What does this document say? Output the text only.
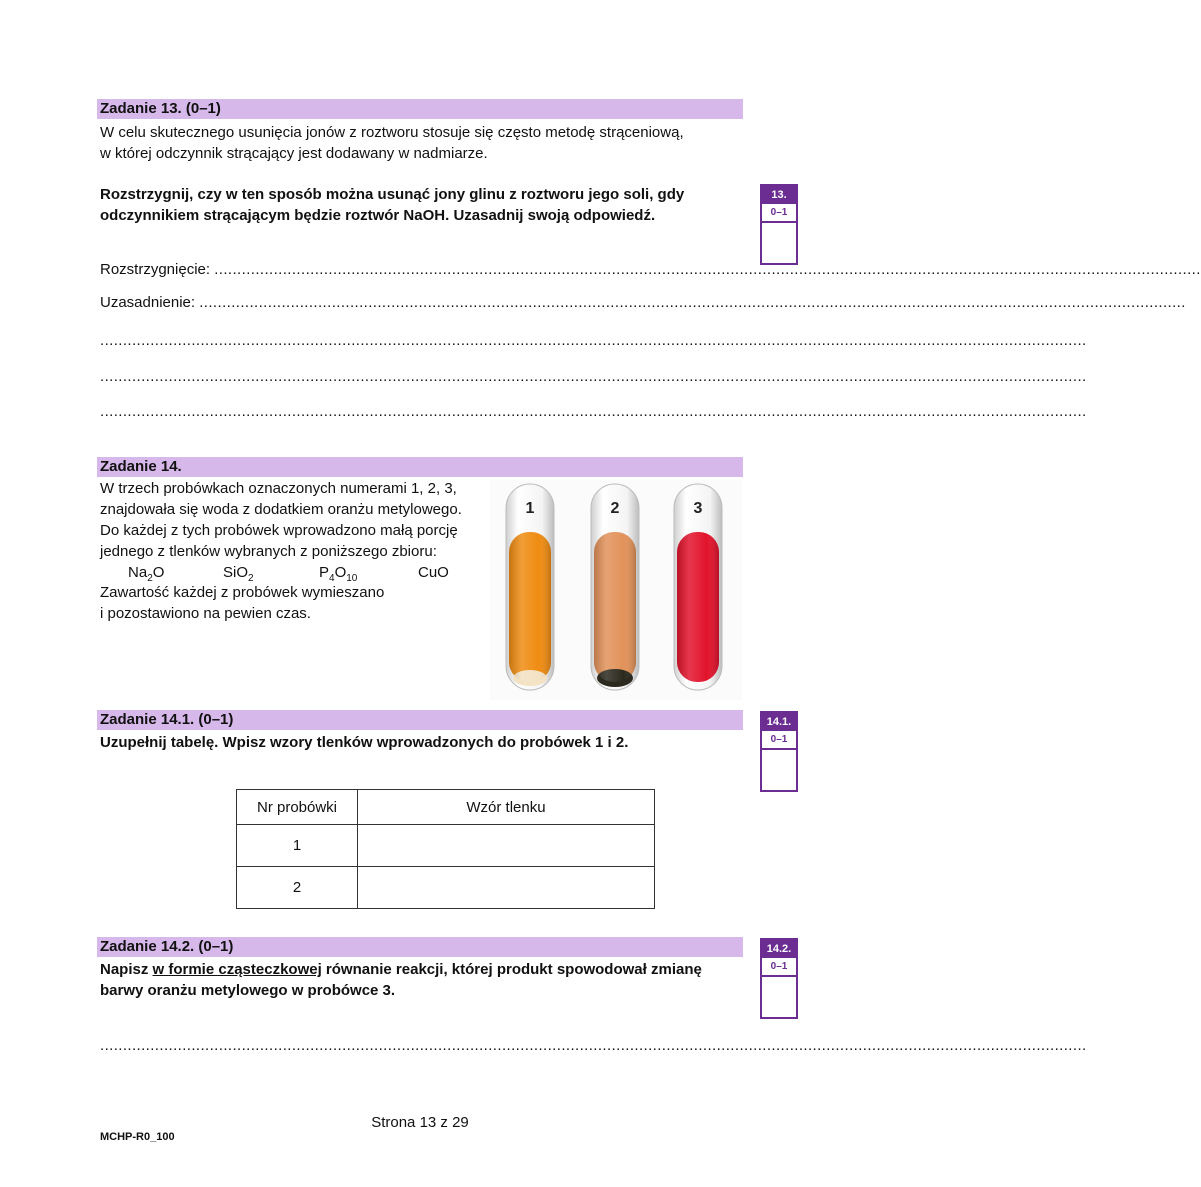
Zadanie 13. (0–1)
W celu skutecznego usunięcia jonów z roztworu stosuje się często metodę strąceniową,
w której odczynnik strącający jest dodawany w nadmiarze.
Rozstrzygnij, czy w ten sposób można usunąć jony glinu z roztworu jego soli, gdy
odczynnikiem strącającym będzie roztwór NaOH. Uzasadnij swoją odpowiedź.
13.
0–1
Rozstrzygnięcie: ........................................................................................................................................................................................................................
Uzasadnienie: ........................................................................................................................................................................................................................
........................................................................................................................................................................................................................
........................................................................................................................................................................................................................
........................................................................................................................................................................................................................
Zadanie 14.
W trzech probówkach oznaczonych numerami 1, 2, 3,
znajdowała się woda z dodatkiem oranżu metylowego.
Do każdej z tych probówek wprowadzono małą porcję
jednego z tlenków wybranych z poniższego zbioru:
$Na_2O$	SiO$_2$	$P_4O_{10}$	CuO
Zawartość każdej z probówek wymieszano
i pozostawiono na pewien czas.
1	2	3
Zadanie 14.1. (0–1)
Uzupełnij tabelę. Wpisz wzory tlenków wprowadzonych do probówek 1 i 2.
14.1.
0–1
Nr probówki	Wzór tlenku
1	
2	
Zadanie 14.2. (0–1)
Napisz w formie cząsteczkowej równanie reakcji, której produkt spowodował zmianę
barwy oranżu metylowego w probówce 3.
14.2.
0–1
........................................................................................................................................................................................................................
Strona 13 z 29
MCHP-R0_100
